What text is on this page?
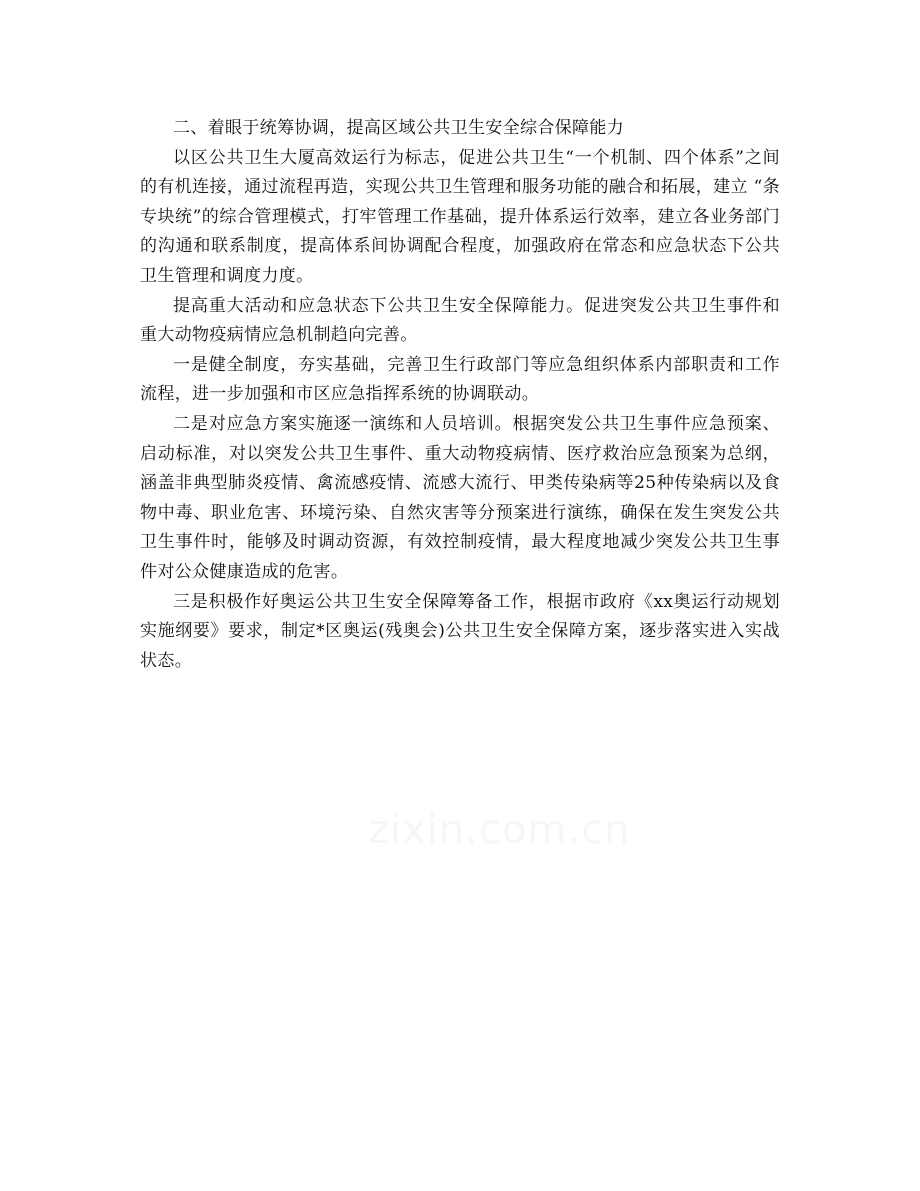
二、着眼于统筹协调，提高区域公共卫生安全综合保障能力

以区公共卫生大厦高效运行为标志，促进公共卫生“一个机制、四个体系”之间的有机连接，通过流程再造，实现公共卫生管理和服务功能的融合和拓展，建立 “条专块统”的综合管理模式，打牢管理工作基础，提升体系运行效率，建立各业务部门的沟通和联系制度，提高体系间协调配合程度，加强政府在常态和应急状态下公共卫生管理和调度力度。

提高重大活动和应急状态下公共卫生安全保障能力。促进突发公共卫生事件和重大动物疫病情应急机制趋向完善。

一是健全制度，夯实基础，完善卫生行政部门等应急组织体系内部职责和工作流程，进一步加强和市区应急指挥系统的协调联动。

二是对应急方案实施逐一演练和人员培训。根据突发公共卫生事件应急预案、启动标准，对以突发公共卫生事件、重大动物疫病情、医疗救治应急预案为总纲，涵盖非典型肺炎疫情、禽流感疫情、流感大流行、甲类传染病等25种传染病以及食物中毒、职业危害、环境污染、自然灾害等分预案进行演练，确保在发生突发公共卫生事件时，能够及时调动资源，有效控制疫情，最大程度地减少突发公共卫生事件对公众健康造成的危害。

三是积极作好奥运公共卫生安全保障筹备工作，根据市政府《xx奥运行动规划实施纲要》要求，制定*区奥运(残奥会)公共卫生安全保障方案，逐步落实进入实战状态。
